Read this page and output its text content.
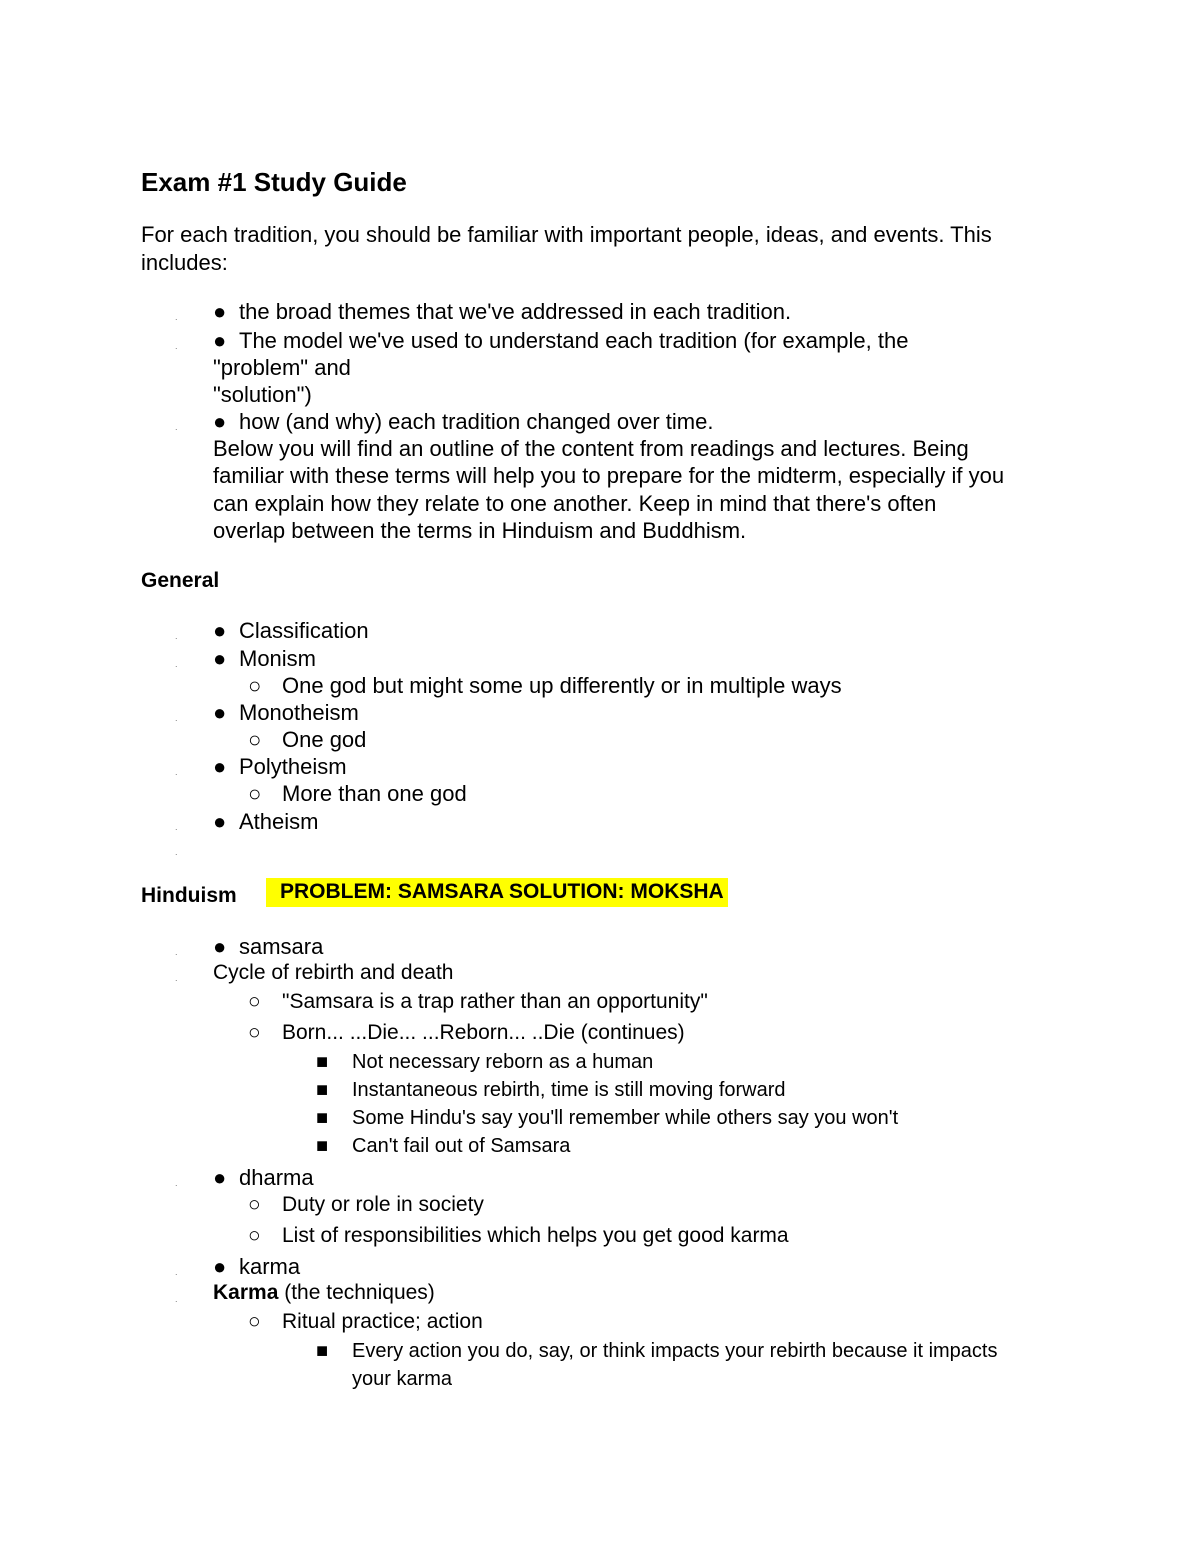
Exam #1 Study Guide
For each tradition, you should be familiar with important people, ideas, and events. This
includes:
. ● the broad themes that we've addressed in each tradition.
. ● The model we've used to understand each tradition (for example, the
"problem" and
"solution")
. ● how (and why) each tradition changed over time.
Below you will find an outline of the content from readings and lectures. Being
familiar with these terms will help you to prepare for the midterm, especially if you
can explain how they relate to one another. Keep in mind that there's often
overlap between the terms in Hinduism and Buddhism.
General
. ● Classification
. ● Monism
○ One god but might some up differently or in multiple ways
. ● Monotheism
○ One god
. ● Polytheism
○ More than one god
. ● Atheism
.
Hinduism	PROBLEM: SAMSARA SOLUTION: MOKSHA
. ● samsara
. Cycle of rebirth and death
○ "Samsara is a trap rather than an opportunity"
○ Born... ...Die... ...Reborn... ..Die (continues)
■ Not necessary reborn as a human
■ Instantaneous rebirth, time is still moving forward
■ Some Hindu's say you'll remember while others say you won't
■ Can't fail out of Samsara
. ● dharma
○ Duty or role in society
○ List of responsibilities which helps you get good karma
. ● karma
. Karma (the techniques)
○ Ritual practice; action
■ Every action you do, say, or think impacts your rebirth because it impacts
your karma
